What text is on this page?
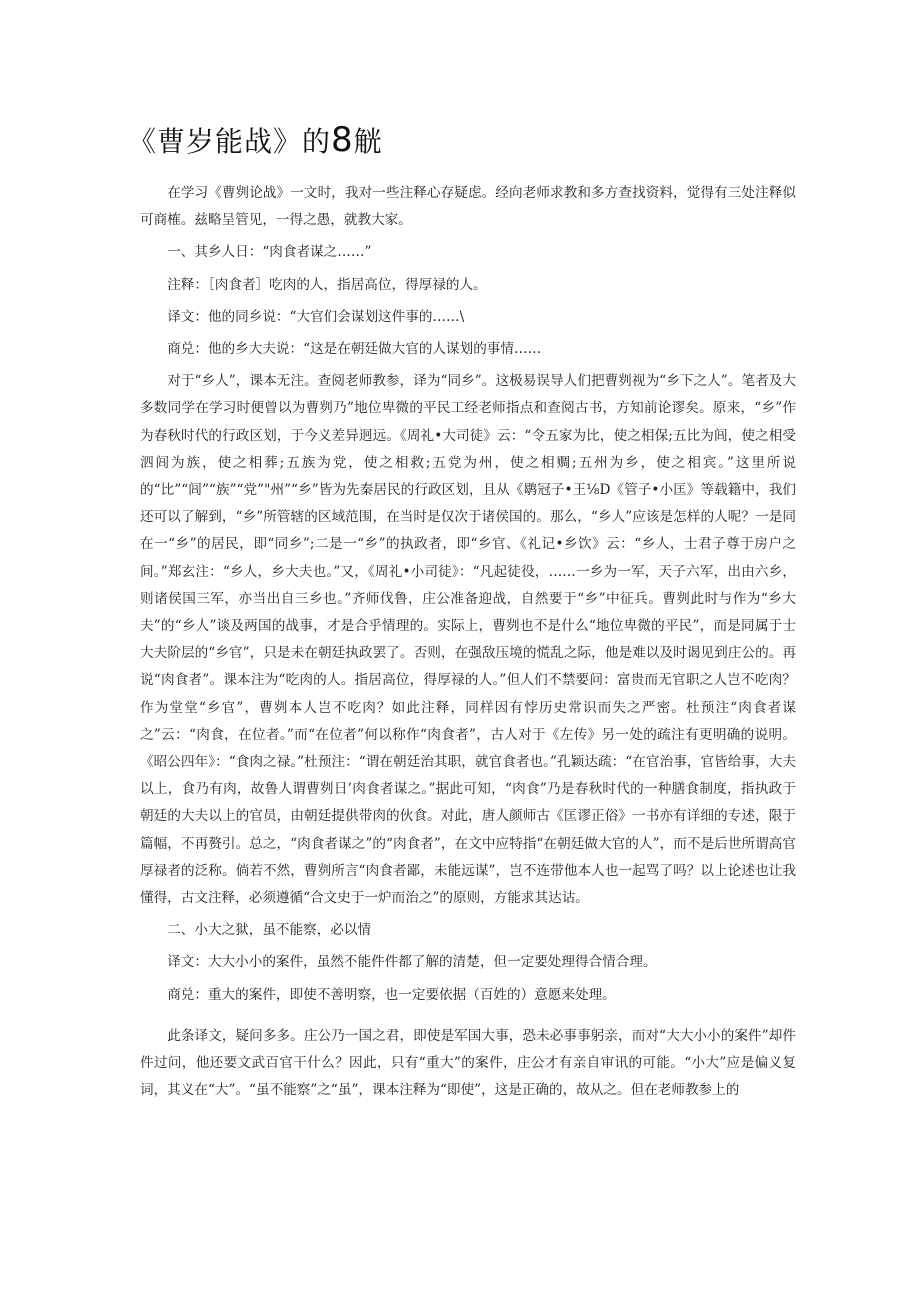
《曹岁能战》的8觥

在学习《曹刿论战》一文时，我对一些注释心存疑虑。经向老师求教和多方查找资料，觉得有三处注释似可商榷。兹略呈管见，一得之愚，就教大家。

一、其乡人日：“肉食者谋之……”

注释：［肉食者］吃肉的人，指居高位，得厚禄的人。

译文：他的同乡说：“大官们会谋划这件事的……\

商兑：他的乡大夫说：“这是在朝廷做大官的人谋划的事情……

对于“乡人”，课本无注。查阅老师教参，译为“同乡”。这极易误导人们把曹刿视为“乡下之人”。笔者及大多数同学在学习时便曾以为曹刿乃”地位卑微的平民工经老师指点和查阅古书，方知前论谬矣。原来，“乡”作为春秋时代的行政区划，于今义差异迥远。《周礼•大司徒》云：“令五家为比，使之相保;五比为闾，使之相受泗闾为族，使之相葬;五族为党，使之相救;五党为州，使之相赒;五州为乡，使之相宾。”这里所说的“比”“闾”“族”“党”"州”“乡”皆为先秦居民的行政区划，且从《鹖冠子•王⅛D《管子•小匡》等载籍中，我们还可以了解到，“乡”所管辖的区域范围，在当时是仅次于诸侯国的。那么，“乡人”应该是怎样的人呢？一是同在一“乡”的居民，即“同乡”;二是一“乡”的执政者，即“乡官、《礼记•乡饮》云：“乡人，士君子尊于房户之间。”郑玄注：“乡人，乡大夫也。”又，《周礼•小司徒》：“凡起徒役，……一乡为一军，天子六军，出由六乡，则诸侯国三军，亦当出自三乡也。”齐师伐鲁，庄公准备迎战，自然要于“乡”中征兵。曹刿此时与作为“乡大夫”的“乡人”谈及两国的战事，才是合乎情理的。实际上，曹刿也不是什么“地位卑微的平民”，而是同属于士大夫阶层的“乡官”，只是未在朝廷执政罢了。否则，在强敌压境的慌乱之际，他是难以及时谒见到庄公的。再说“肉食者”。课本注为“吃肉的人。指居高位，得厚禄的人。”但人们不禁要问：富贵而无官职之人岂不吃肉？作为堂堂“乡官”，曹刿本人岂不吃肉？如此注释，同样因有悖历史常识而失之严密。杜预注“肉食者谋之”云：“肉食，在位者。”而“在位者”何以称作“肉食者”，古人对于《左传》另一处的疏注有更明确的说明。《昭公四年》：“食肉之禄。”杜预注：“谓在朝廷治其职，就官食者也。”孔颖达疏：“在官治事，官皆给事，大夫以上，食乃有肉，故鲁人谓曹刿日’肉食者谋之。”据此可知，“肉食”乃是春秋时代的一种膳食制度，指执政于朝廷的大夫以上的官员，由朝廷提供带肉的伙食。对此，唐人颜师古《匡谬正俗》一书亦有详细的专述，限于篇幅，不再赘引。总之，“肉食者谋之”的“肉食者”，在文中应特指“在朝廷做大官的人”，而不是后世所谓高官厚禄者的泛称。倘若不然，曹刿所言“肉食者鄙，未能远谋”，岂不连带他本人也一起骂了吗？以上论述也让我懂得，古文注释，必须遵循“合文史于一炉而治之”的原则，方能求其达诂。

二、小大之狱，虽不能察，必以情

译文：大大小小的案件，虽然不能件件都了解的清楚，但一定要处理得合情合理。

商兑：重大的案件，即使不善明察，也一定要依据（百姓的）意愿来处理。

此条译文，疑问多多。庄公乃一国之君，即使是军国大事，恐未必事事躬亲，而对“大大小小的案件”却件件过问，他还要文武百官干什么？因此，只有“重大”的案件，庄公才有亲自审讯的可能。“小大”应是偏义复词，其义在“大”。“虽不能察”之“虽”，课本注释为“即使”，这是正确的，故从之。但在老师教参上的
